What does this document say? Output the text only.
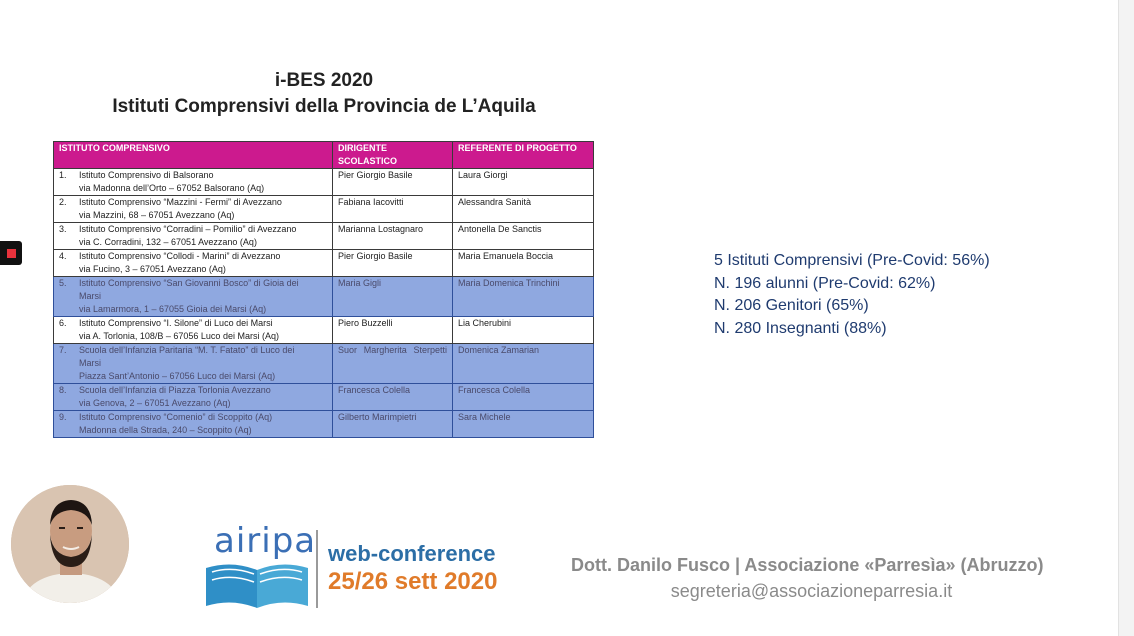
i-BES 2020
Istituti Comprensivi della Provincia de L’Aquila
ISTITUTO COMPRENSIVO	DIRIGENTE SCOLASTICO	REFERENTE DI PROGETTO

1. Istituto Comprensivo di Balsorano
via Madonna dell’Orto – 67052 Balsorano (Aq)	Pier Giorgio Basile	Laura Giorgi

2. Istituto Comprensivo “Mazzini - Fermi” di Avezzano
via Mazzini, 68 – 67051 Avezzano (Aq)	Fabiana Iacovitti	Alessandra Sanità

3. Istituto Comprensivo “Corradini – Pomilio” di Avezzano
via C. Corradini, 132 – 67051 Avezzano (Aq)	Marianna Lostagnaro	Antonella De Sanctis

4. Istituto Comprensivo “Collodi - Marini” di Avezzano
via Fucino, 3 – 67051 Avezzano (Aq)	Pier Giorgio Basile	Maria Emanuela Boccia

5. Istituto Comprensivo “San Giovanni Bosco” di Gioia dei
Marsi
via Lamarmora, 1 – 67055 Gioia dei Marsi (Aq)	Maria Gigli	Maria Domenica Trinchini

6. Istituto Comprensivo “I. Silone” di Luco dei Marsi
via A. Torlonia, 108/B – 67056 Luco dei Marsi (Aq)	Piero Buzzelli	Lia Cherubini

7. Scuola dell’Infanzia Paritaria “M. T. Fatato” di Luco dei
Marsi
Piazza Sant’Antonio – 67056 Luco dei Marsi (Aq)	Suor Margherita Sterpetti	Domenica Zamarian

8. Scuola dell’Infanzia di Piazza Torlonia Avezzano
via Genova, 2 – 67051 Avezzano (Aq)	Francesca Colella	Francesca Colella

9. Istituto Comprensivo “Comenio” di Scoppito (Aq)
Madonna della Strada, 240 – Scoppito (Aq)	Gilberto Marimpietri	Sara Michele
5 Istituti Comprensivi (Pre-Covid: 56%)
N. 196 alunni (Pre-Covid: 62%)
N. 206 Genitori (65%)
N. 280 Insegnanti (88%)
airipa web-conference
25/26 sett 2020
Dott. Danilo Fusco | Associazione «Parresìa» (Abruzzo)
segreteria@associazioneparresia.it
